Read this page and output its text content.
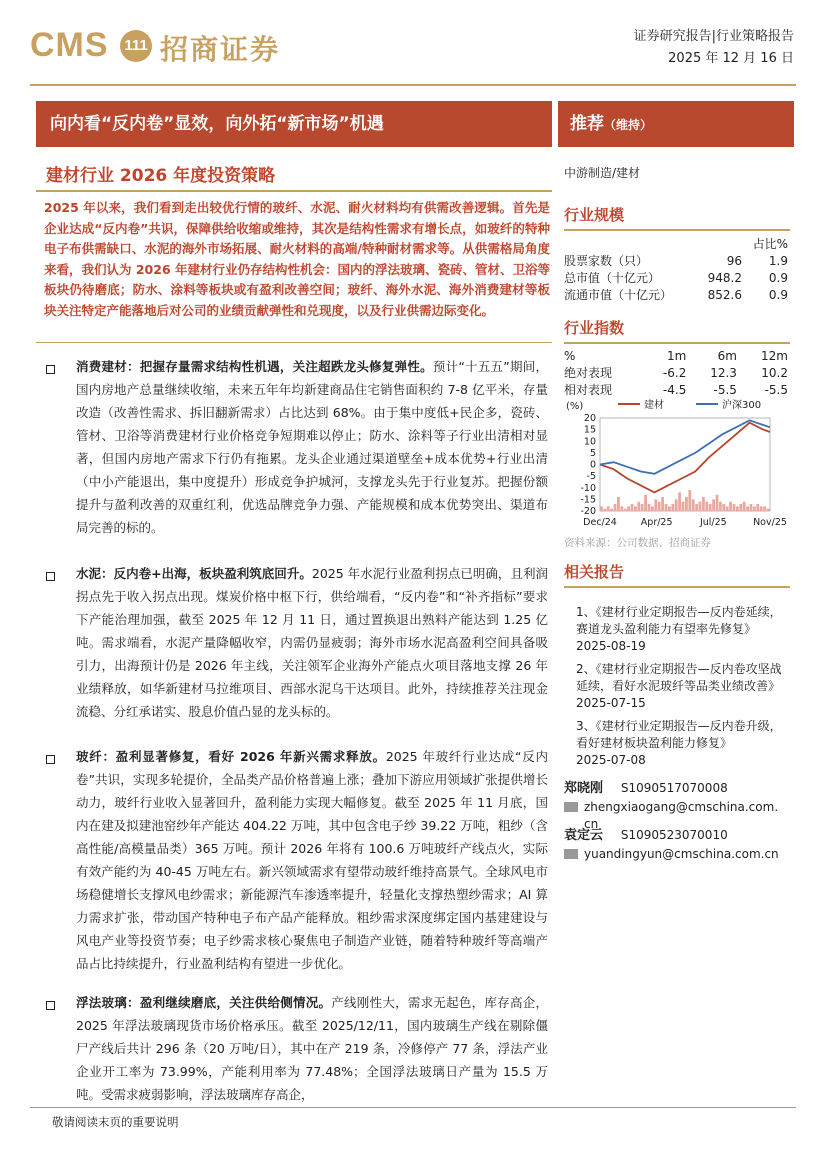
CMS 111 招商证券	证券研究报告|行业策略报告
2025 年 12 月 16 日
向内看“反内卷”显效，向外拓“新市场”机遇	推荐（维持）
建材行业 2026 年度投资策略
2025 年以来，我们看到走出较优行情的玻纤、水泥、耐火材料均有供需改善逻辑。首先是企业达成“反内卷”共识，保障供给收缩或维持，其次是结构性需求有增长点，如玻纤的特种电子布供需缺口、水泥的海外市场拓展、耐火材料的高端/特种耐材需求等。从供需格局角度来看，我们认为 2026 年建材行业仍存结构性机会：国内的浮法玻璃、瓷砖、管材、卫浴等板块仍待磨底；防水、涂料等板块或有盈利改善空间；玻纤、海外水泥、海外消费建材等板块关注特定产能落地后对公司的业绩贡献弹性和兑现度，以及行业供需边际变化。
消费建材：把握存量需求结构性机遇，关注超跌龙头修复弹性。预计“十五五”期间，国内房地产总量继续收缩，未来五年年均新建商品住宅销售面积约 7-8 亿平米，存量改造（改善性需求、拆旧翻新需求）占比达到 68%。由于集中度低+民企多，瓷砖、管材、卫浴等消费建材行业价格竞争短期难以停止；防水、涂料等子行业出清相对显著，但国内房地产需求下行仍有拖累。龙头企业通过渠道壁垒+成本优势+行业出清（中小产能退出，集中度提升）形成竞争护城河，支撑龙头先于行业复苏。把握份额提升与盈利改善的双重红利，优选品牌竞争力强、产能规模和成本优势突出、渠道布局完善的标的。
水泥：反内卷+出海，板块盈利筑底回升。2025 年水泥行业盈利拐点已明确，且利润拐点先于收入拐点出现。煤炭价格中枢下行，供给端看，“反内卷”和“补齐指标”要求下产能治理加强，截至 2025 年 12 月 11 日，通过置换退出熟料产能达到 1.25 亿吨。需求端看，水泥产量降幅收窄，内需仍显疲弱；海外市场水泥高盈利空间具备吸引力，出海预计仍是 2026 年主线，关注领军企业海外产能点火项目落地支撑 26 年业绩释放，如华新建材马拉维项目、西部水泥乌干达项目。此外，持续推荐关注现金流稳、分红承诺实、股息价值凸显的龙头标的。
玻纤：盈利显著修复，看好 2026 年新兴需求释放。2025 年玻纤行业达成“反内卷”共识，实现多轮提价，全品类产品价格普遍上涨；叠加下游应用领域扩张提供增长动力，玻纤行业收入显著回升，盈利能力实现大幅修复。截至 2025 年 11 月底，国内在建及拟建池窑纱年产能达 404.22 万吨，其中包含电子纱 39.22 万吨，粗纱（含高性能/高模量品类）365 万吨。预计 2026 年将有 100.6 万吨玻纤产线点火，实际有效产能约为 40-45 万吨左右。新兴领域需求有望带动玻纤维持高景气。全球风电市场稳健增长支撑风电纱需求；新能源汽车渗透率提升，轻量化支撑热塑纱需求；AI 算力需求扩张，带动国产特种电子布产品产能释放。粗纱需求深度绑定国内基建建设与风电产业等投资节奏；电子纱需求核心聚焦电子制造产业链，随着特种玻纤等高端产品占比持续提升，行业盈利结构有望进一步优化。
浮法玻璃：盈利继续磨底，关注供给侧情况。产线刚性大，需求无起色，库存高企，2025 年浮法玻璃现货市场价格承压。截至 2025/12/11，国内玻璃生产线在剔除僵尸产线后共计 296 条（20 万吨/日），其中在产 219 条，冷修停产 77 条，浮法产业企业开工率为 73.99%，产能利用率为 77.48%；全国浮法玻璃日产量为 15.5 万吨。受需求疲弱影响，浮法玻璃库存高企，
中游制造/建材
行业规模
		占比%
股票家数（只）	96	1.9
总市值（十亿元）	948.2	0.9
流通市值（十亿元）	852.6	0.9
行业指数
%	1m	6m	12m
绝对表现	-6.2	12.3	10.2
相对表现	-4.5	-5.5	-5.5
(%)	建材	沪深300
20
15
10
5
0
-5
-10
-15
-20
Dec/24	Apr/25	Jul/25	Nov/25
资料来源：公司数据、招商证券
相关报告
1、《建材行业定期报告—反内卷延续，赛道龙头盈利能力有望率先修复》
2025-08-19
2、《建材行业定期报告—反内卷攻坚战延续，看好水泥玻纤等品类业绩改善》
2025-07-15
3、《建材行业定期报告—反内卷升级，看好建材板块盈利能力修复》
2025-07-08
郑晓刚 S1090517070008
zhengxiaogang@cmschina.com.cn
袁定云 S1090523070010
yuandingyun@cmschina.com.cn
敬请阅读末页的重要说明
